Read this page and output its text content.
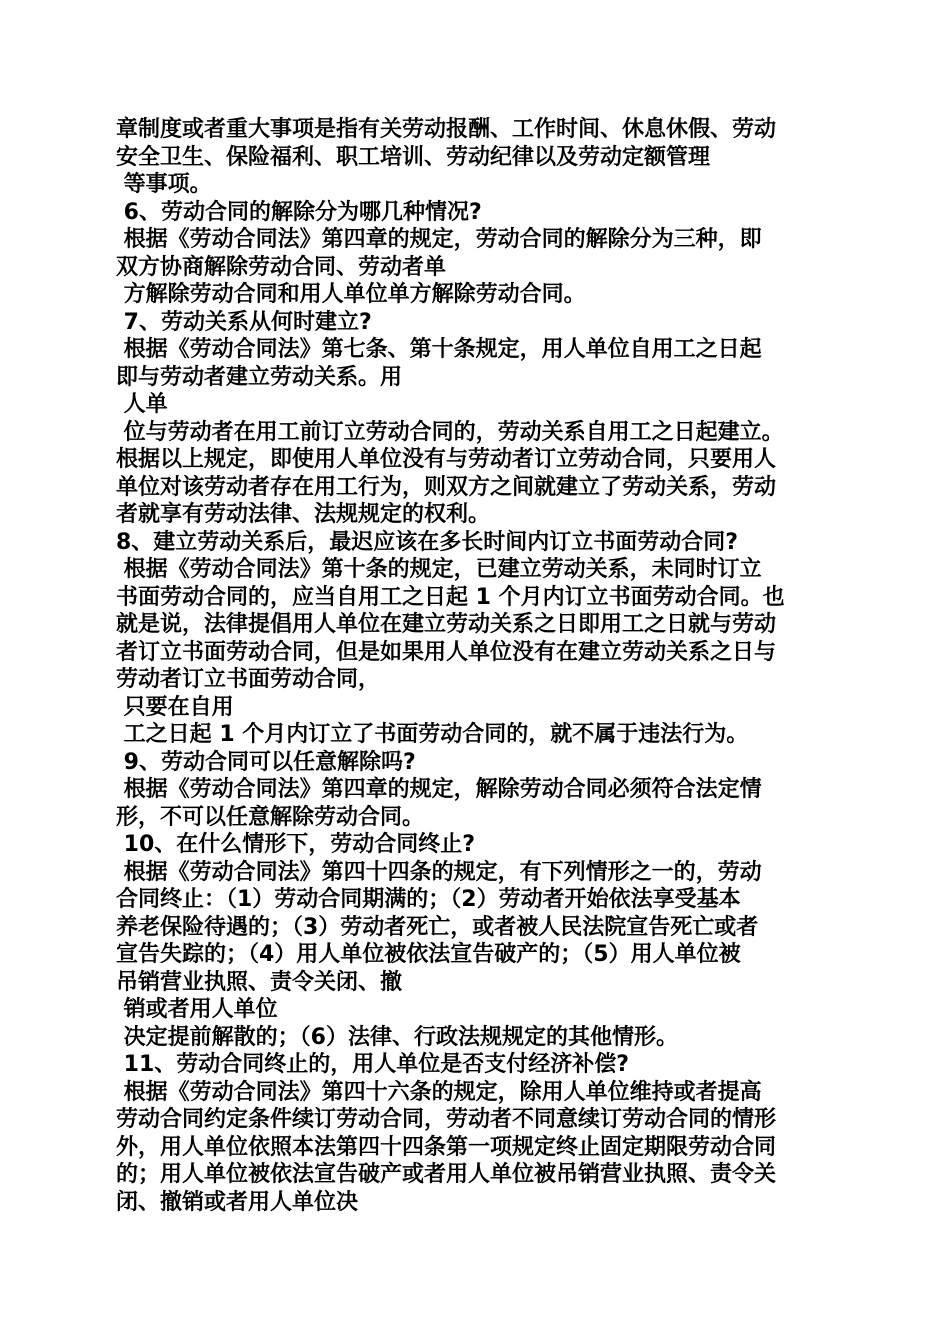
章制度或者重大事项是指有关劳动报酬、工作时间、休息休假、劳动
安全卫生、保险福利、职工培训、劳动纪律以及劳动定额管理
等事项。
6、劳动合同的解除分为哪几种情况?
根据《劳动合同法》第四章的规定，劳动合同的解除分为三种，即
双方协商解除劳动合同、劳动者单
方解除劳动合同和用人单位单方解除劳动合同。
7、劳动关系从何时建立?
根据《劳动合同法》第七条、第十条规定，用人单位自用工之日起
即与劳动者建立劳动关系。用
人单
位与劳动者在用工前订立劳动合同的，劳动关系自用工之日起建立。
根据以上规定，即使用人单位没有与劳动者订立劳动合同，只要用人
单位对该劳动者存在用工行为，则双方之间就建立了劳动关系，劳动
者就享有劳动法律、法规规定的权利。
8、建立劳动关系后，最迟应该在多长时间内订立书面劳动合同?
根据《劳动合同法》第十条的规定，已建立劳动关系，未同时订立
书面劳动合同的，应当自用工之日起 1 个月内订立书面劳动合同。也
就是说，法律提倡用人单位在建立劳动关系之日即用工之日就与劳动
者订立书面劳动合同，但是如果用人单位没有在建立劳动关系之日与
劳动者订立书面劳动合同，
只要在自用
工之日起 1 个月内订立了书面劳动合同的，就不属于违法行为。
9、劳动合同可以任意解除吗?
根据《劳动合同法》第四章的规定，解除劳动合同必须符合法定情
形，不可以任意解除劳动合同。
10、在什么情形下，劳动合同终止?
根据《劳动合同法》第四十四条的规定，有下列情形之一的，劳动
合同终止：（1）劳动合同期满的；（2）劳动者开始依法享受基本
养老保险待遇的；（3）劳动者死亡，或者被人民法院宣告死亡或者
宣告失踪的；（4）用人单位被依法宣告破产的；（5）用人单位被
吊销营业执照、责令关闭、撤
销或者用人单位
决定提前解散的；（6）法律、行政法规规定的其他情形。
11、劳动合同终止的，用人单位是否支付经济补偿?
根据《劳动合同法》第四十六条的规定，除用人单位维持或者提高
劳动合同约定条件续订劳动合同，劳动者不同意续订劳动合同的情形
外，用人单位依照本法第四十四条第一项规定终止固定期限劳动合同
的；用人单位被依法宣告破产或者用人单位被吊销营业执照、责令关
闭、撤销或者用人单位决
